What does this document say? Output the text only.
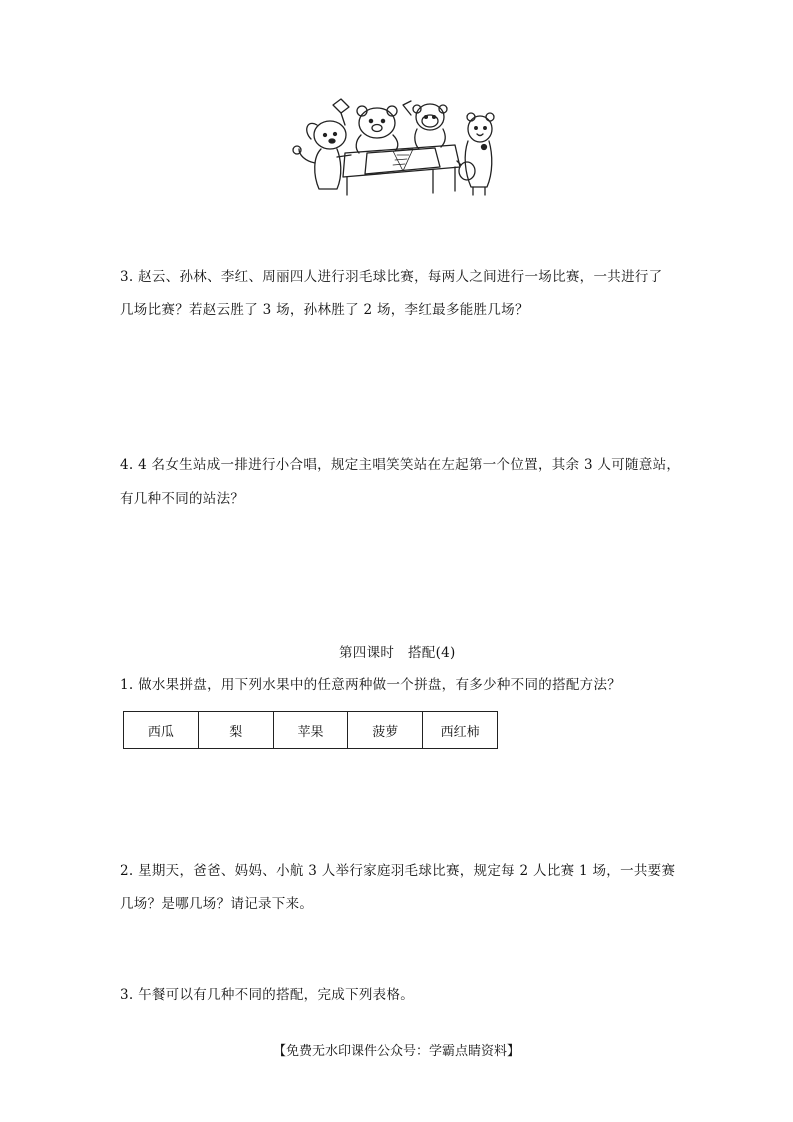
3. 赵云、孙林、李红、周丽四人进行羽毛球比赛，每两人之间进行一场比赛，一共进行了
几场比赛？若赵云胜了 3 场，孙林胜了 2 场，李红最多能胜几场？
4. 4 名女生站成一排进行小合唱，规定主唱笑笑站在左起第一个位置，其余 3 人可随意站，
有几种不同的站法？
第四课时　搭配(4)
1. 做水果拼盘，用下列水果中的任意两种做一个拼盘，有多少种不同的搭配方法？
西瓜	梨	苹果	菠萝	西红柿
2. 星期天，爸爸、妈妈、小航 3 人举行家庭羽毛球比赛，规定每 2 人比赛 1 场，一共要赛
几场？是哪几场？请记录下来。
3. 午餐可以有几种不同的搭配，完成下列表格。
【免费无水印课件公众号：学霸点睛资料】
